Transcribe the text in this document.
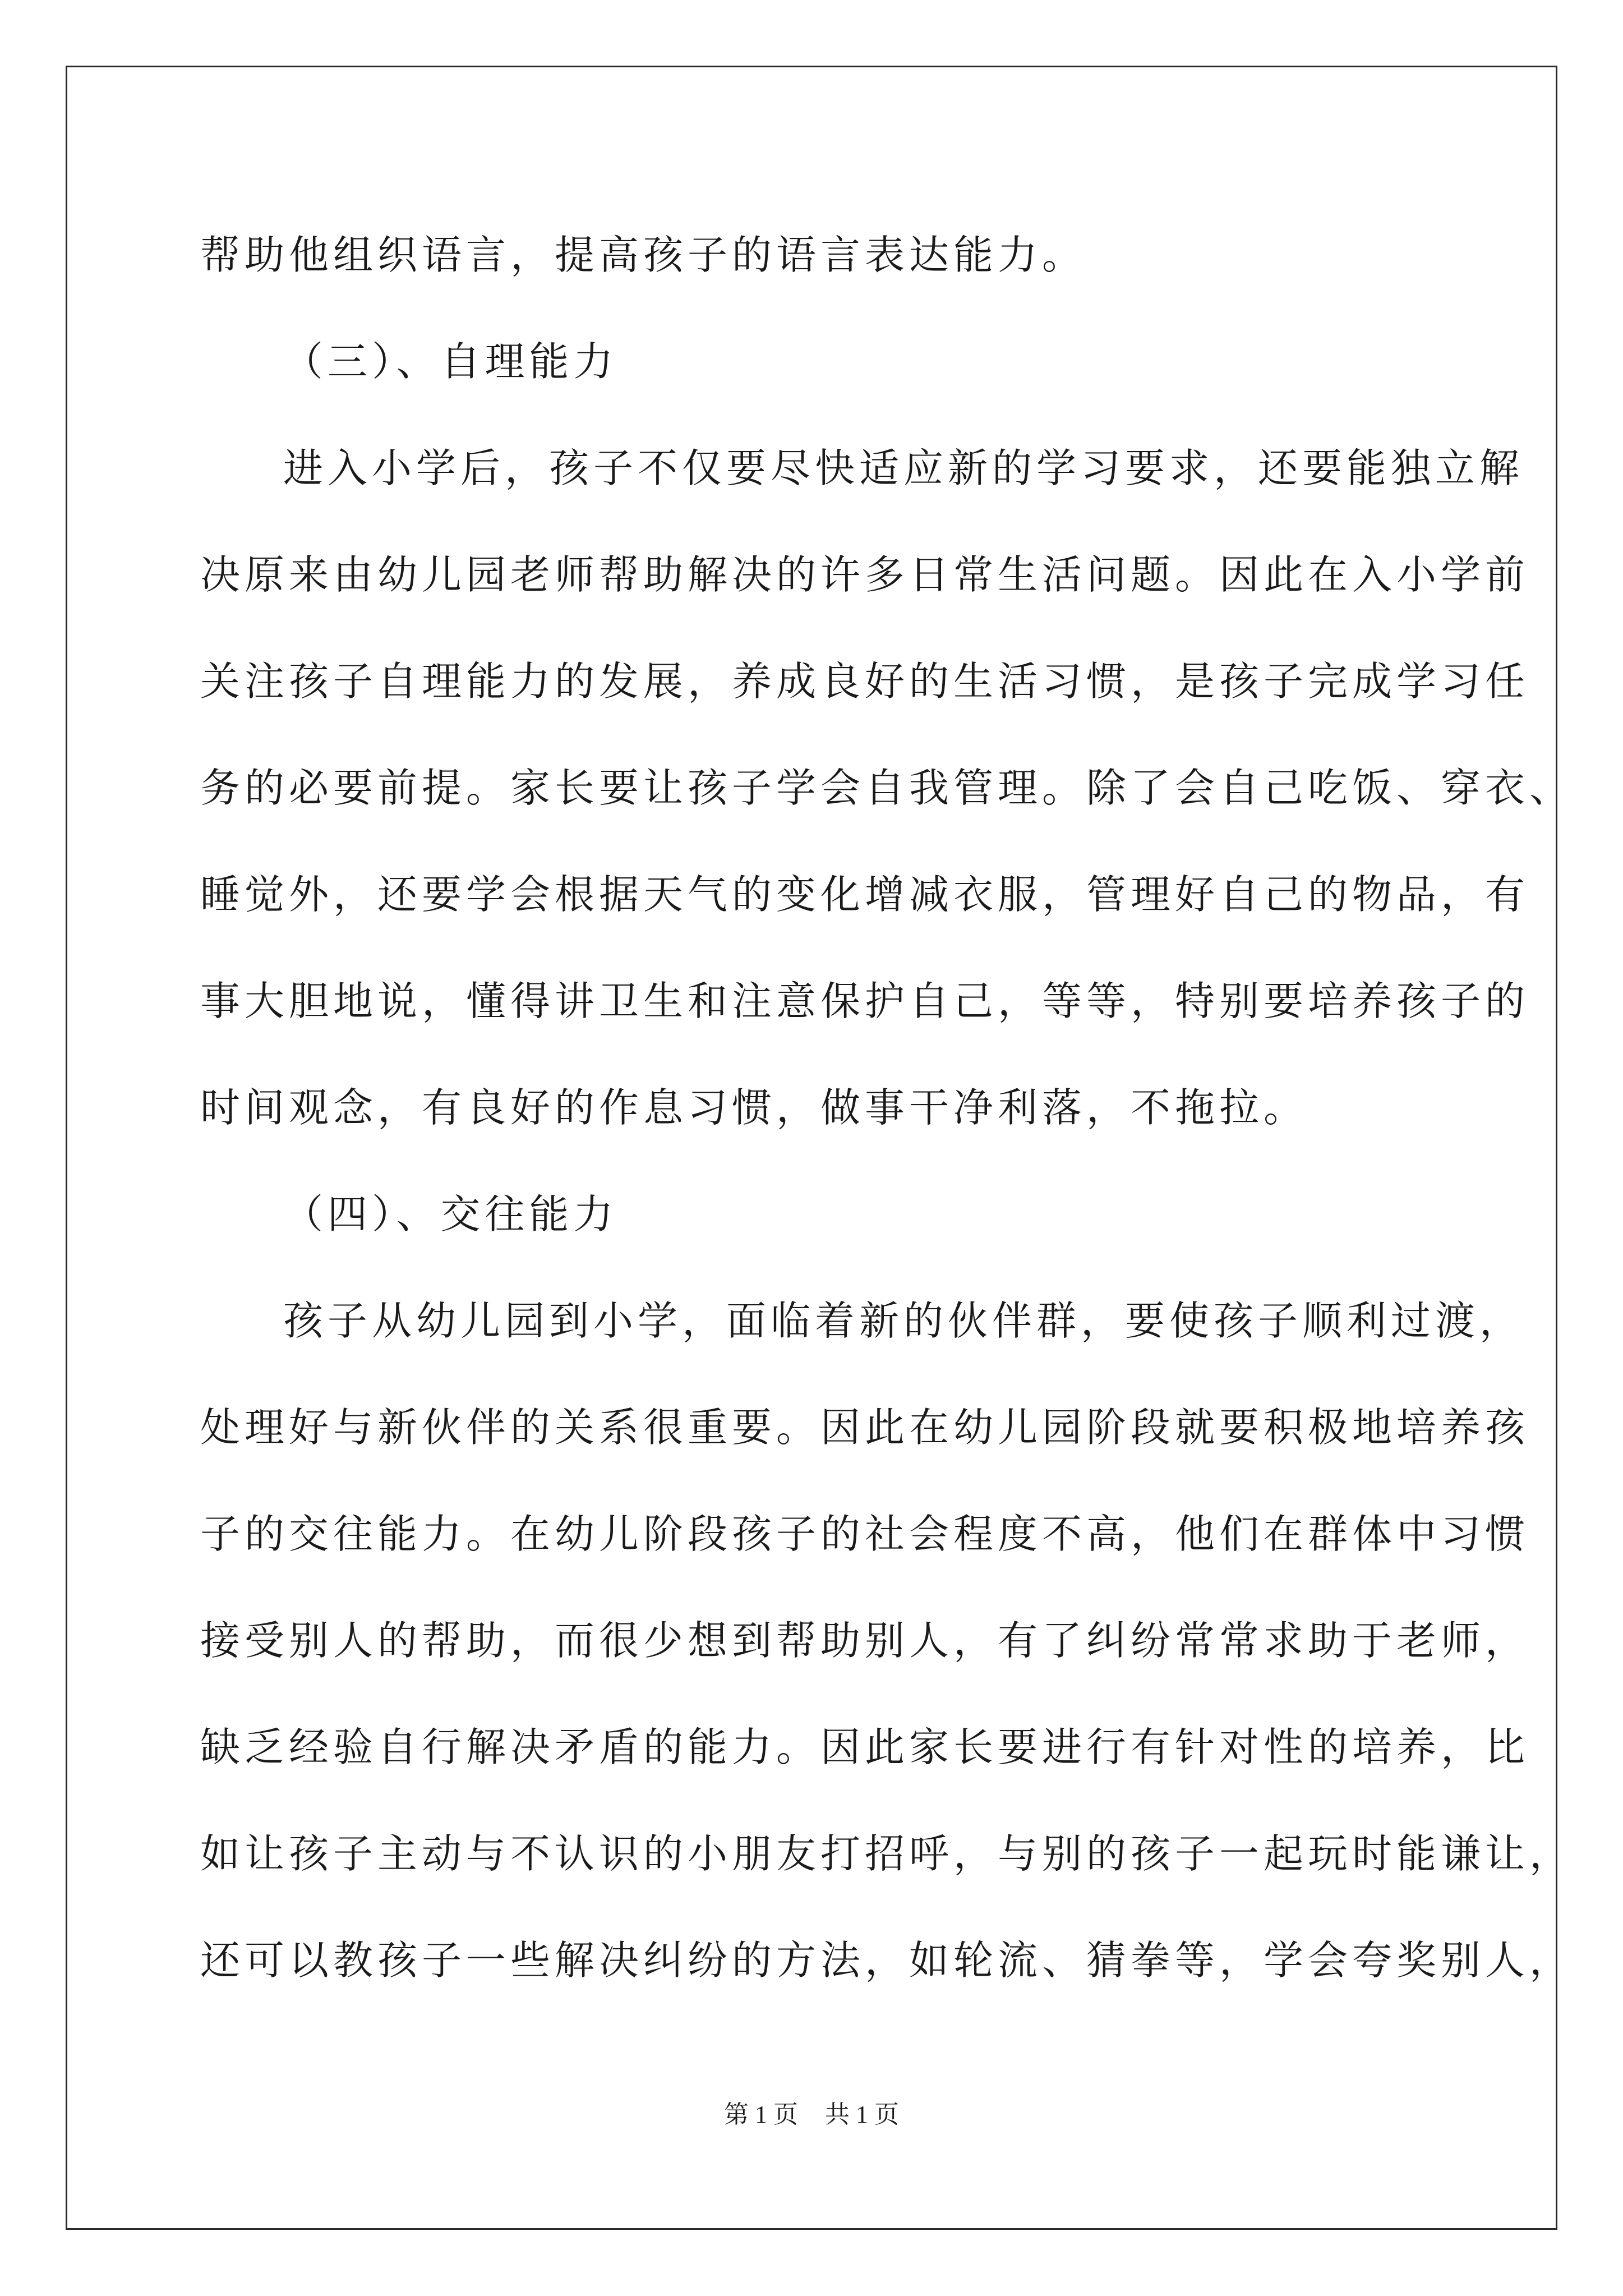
帮助他组织语言，提高孩子的语言表达能力。
（三）、自理能力
进入小学后，孩子不仅要尽快适应新的学习要求，还要能独立解
决原来由幼儿园老师帮助解决的许多日常生活问题。因此在入小学前
关注孩子自理能力的发展，养成良好的生活习惯，是孩子完成学习任
务的必要前提。家长要让孩子学会自我管理。除了会自己吃饭、穿衣、
睡觉外，还要学会根据天气的变化增减衣服，管理好自己的物品，有
事大胆地说，懂得讲卫生和注意保护自己，等等，特别要培养孩子的
时间观念，有良好的作息习惯，做事干净利落，不拖拉。
（四）、交往能力
孩子从幼儿园到小学，面临着新的伙伴群，要使孩子顺利过渡，
处理好与新伙伴的关系很重要。因此在幼儿园阶段就要积极地培养孩
子的交往能力。在幼儿阶段孩子的社会程度不高，他们在群体中习惯
接受别人的帮助，而很少想到帮助别人，有了纠纷常常求助于老师，
缺乏经验自行解决矛盾的能力。因此家长要进行有针对性的培养，比
如让孩子主动与不认识的小朋友打招呼，与别的孩子一起玩时能谦让，
还可以教孩子一些解决纠纷的方法，如轮流、猜拳等，学会夸奖别人，
第 1 页 共 1 页
